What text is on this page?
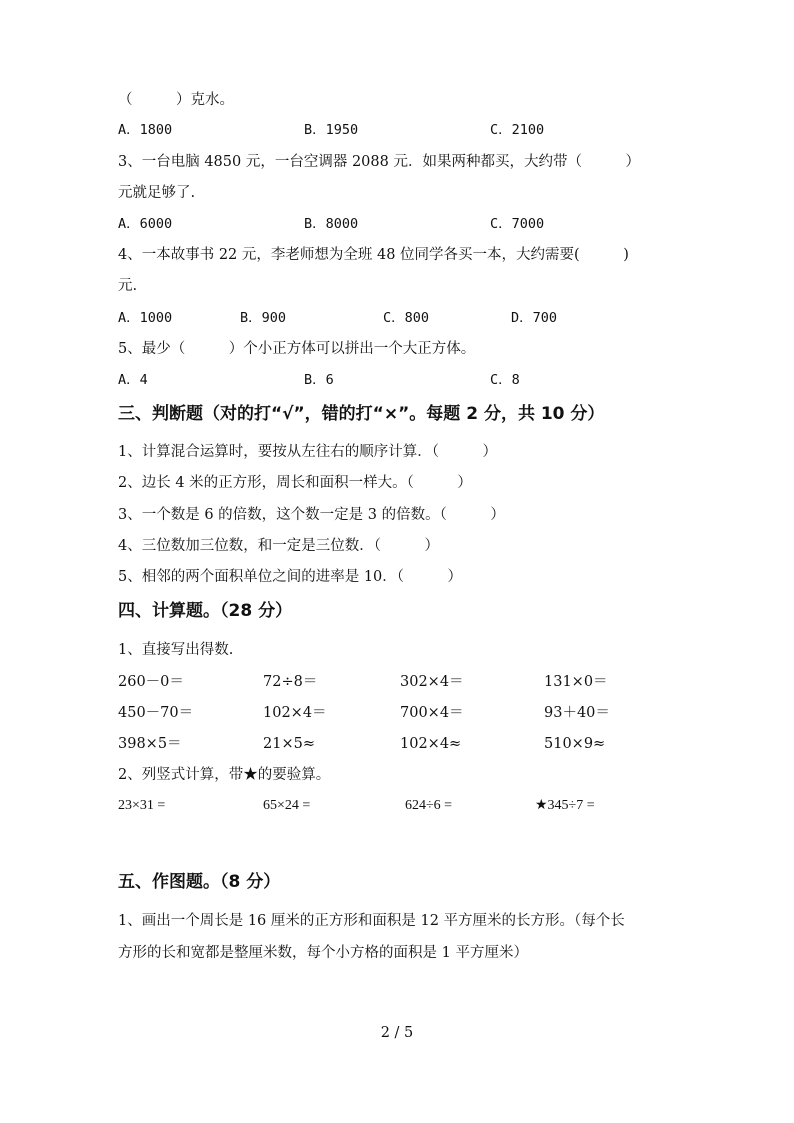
（　　　）克水。
A．1800	B．1950	C．2100
3、一台电脑 4850 元，一台空调器 2088 元．如果两种都买，大约带（　　　）
元就足够了.
A．6000	B．8000	C．7000
4、一本故事书 22 元，李老师想为全班 48 位同学各买一本，大约需要(　　　)
元.
A．1000	B．900	C．800	D．700
5、最少（　　　）个小正方体可以拼出一个大正方体。
A．4	B．6	C．8
三、判断题（对的打“√”，错的打“×”。每题 2 分，共 10 分）
1、计算混合运算时，要按从左往右的顺序计算．（　　　）
2、边长 4 米的正方形，周长和面积一样大。（　　　）
3、一个数是 6 的倍数，这个数一定是 3 的倍数。（　　　）
4、三位数加三位数，和一定是三位数．（　　　）
5、相邻的两个面积单位之间的进率是 10．（　　　）
四、计算题。（28 分）
1、直接写出得数.
260－0＝	72÷8＝	302×4＝	131×0＝
450－70＝	102×4＝	700×4＝	93＋40＝
398×5＝	21×5≈	102×4≈	510×9≈
2、列竖式计算，带★的要验算。
23×31 =	65×24 =	624÷6 =	★345÷7 =
五、作图题。（8 分）
1、画出一个周长是 16 厘米的正方形和面积是 12 平方厘米的长方形。（每个长
方形的长和宽都是整厘米数，每个小方格的面积是 1 平方厘米）
2 / 5
